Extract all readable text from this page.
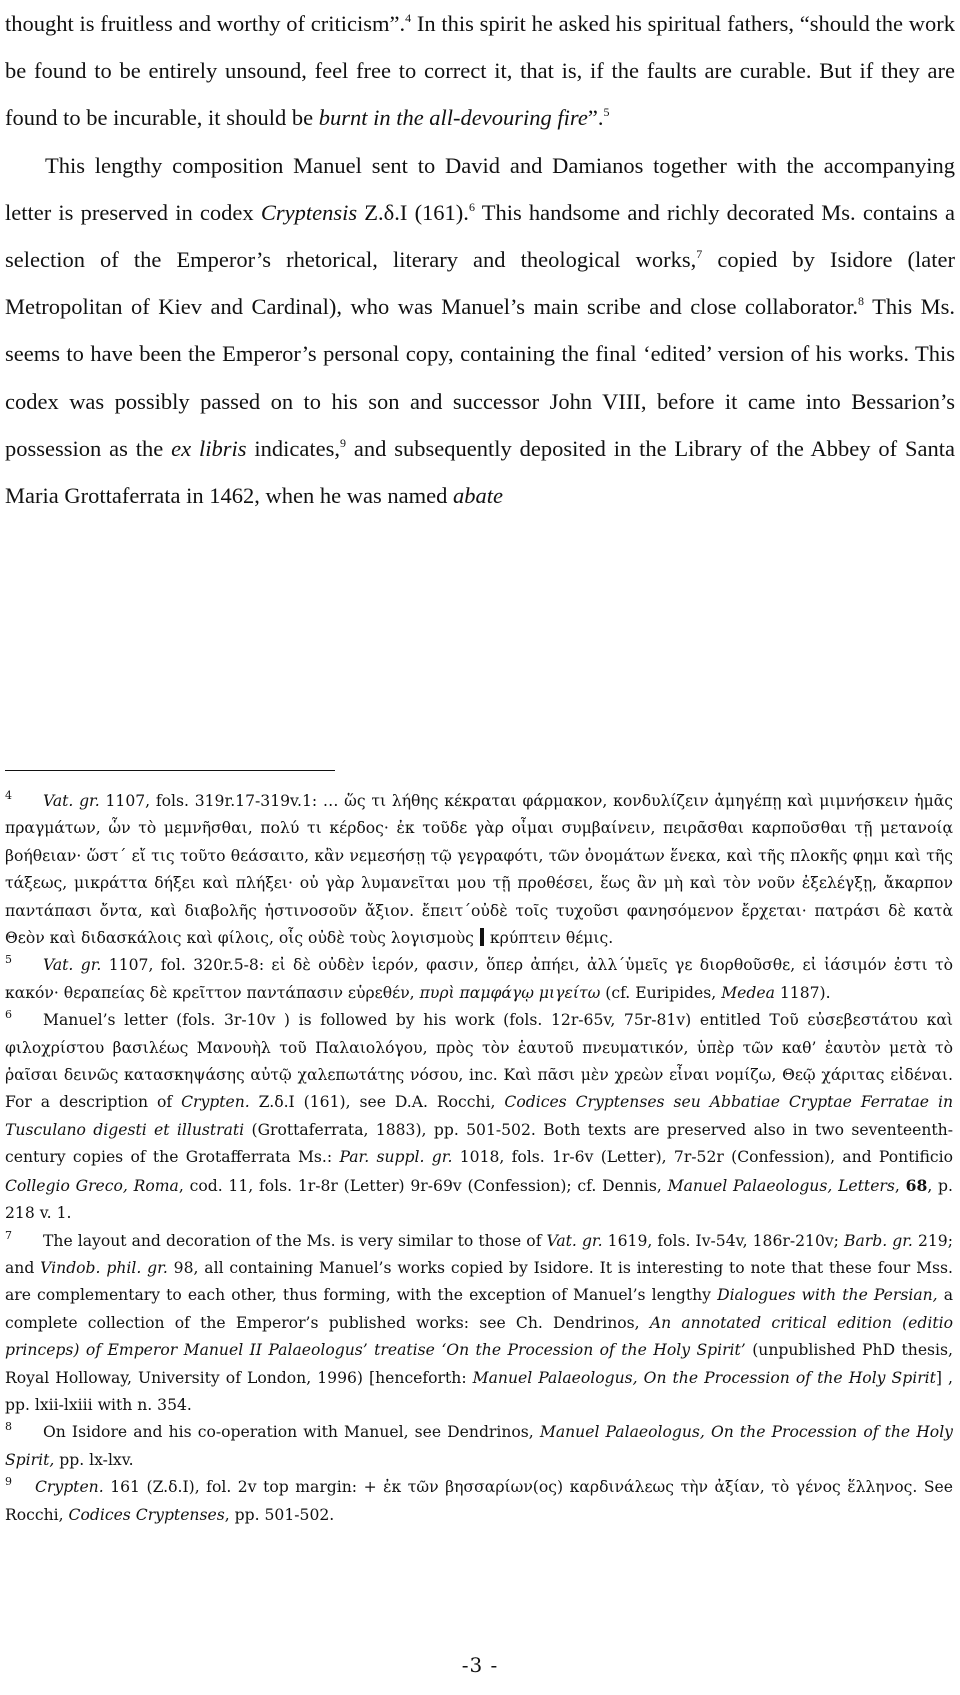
thought is fruitless and worthy of criticism”.$^4$ In this spirit he asked his spiritual fathers, “should the work be found to be entirely unsound, feel free to correct it, that is, if the faults are curable. But if they are found to be incurable, it should be burnt in the all-devouring fire”.$^5$

This lengthy composition Manuel sent to David and Damianos together with the accompanying letter is preserved in codex Cryptensis Z.δ.I (161).$^6$ This handsome and richly decorated Ms. contains a selection of the Emperor’s rhetorical, literary and theological works,$^7$ copied by Isidore (later Metropolitan of Kiev and Cardinal), who was Manuel’s main scribe and close collaborator.$^8$ This Ms. seems to have been the Emperor’s personal copy, containing the final ‘edited’ version of his works. This codex was possibly passed on to his son and successor John VIII, before it came into Bessarion’s possession as the ex libris indicates,$^9$ and subsequently deposited in the Library of the Abbey of Santa Maria Grottaferrata in 1462, when he was named abate

4 Vat. gr. 1107, fols. 319r.17-319v.1: … ὥς τι λήθης κέκραται φάρμακον, κονδυλίζειν ἀμηγέπῃ καὶ μιμνήσκειν ἡμᾶς πραγμάτων, ὧν τὸ μεμνῆσθαι, πολύ τι κέρδος· ἐκ τοῦδε γὰρ οἶμαι συμβαίνειν, πειρᾶσθαι καρποῦσθαι τῇ μετανοίᾳ βοήθειαν· ὥστ΄ εἴ τις τοῦτο θεάσαιτο, κἂν νεμεσήσῃ τῷ γεγραφότι, τῶν ὀνομάτων ἕνεκα, καὶ τῆς πλοκῆς φημι καὶ τῆς τάξεως, μικράττα δήξει καὶ πλήξει· οὐ γὰρ λυμανεῖται μου τῇ προθέσει, ἕως ἂν μὴ καὶ τὸν νοῦν ἐξελέγξῃ, ἄκαρπον παντάπασι ὄντα, καὶ διαβολῆς ἡστινοσοῦν ἄξιον. ἔπειτ΄οὐδὲ τοῖς τυχοῦσι φανησόμενον ἔρχεται· πατράσι δὲ κατὰ Θεὸν καὶ διδασκάλοις καὶ φίλοις, οἷς οὐδὲ τοὺς λογισμοὺς κρύπτειν θέμις.

5 Vat. gr. 1107, fol. 320r.5-8: εἰ δὲ οὐδὲν ἱερόν, φασιν, ὅπερ ἀπήει, ἀλλ΄ὑμεῖς γε διορθοῦσθε, εἰ ἰάσιμόν ἐστι τὸ κακόν· θεραπείας δὲ κρεῖττον παντάπασιν εὑρεθέν, πυρὶ παμφάγῳ μιγείτω (cf. Euripides, Medea 1187).

6 Manuel’s letter (fols. 3r-10v ) is followed by his work (fols. 12r-65v, 75r-81v) entitled Τοῦ εὐσεβεστάτου καὶ φιλοχρίστου βασιλέως Μανουὴλ τοῦ Παλαιολόγου, πρὸς τὸν ἑαυτοῦ πνευματικόν, ὑπὲρ τῶν καθ’ ἑαυτὸν μετὰ τὸ ῥαῖσαι δεινῶς κατασκηψάσης αὐτῷ χαλεπωτάτης νόσου, inc. Καὶ πᾶσι μὲν χρεὼν εἶναι νομίζω, Θεῷ χάριτας εἰδέναι. For a description of Crypten. Z.δ.I (161), see D.A. Rocchi, Codices Cryptenses seu Abbatiae Cryptae Ferratae in Tusculano digesti et illustrati (Grottaferrata, 1883), pp. 501-502. Both texts are preserved also in two seventeenth-century copies of the Grotafferrata Ms.: Par. suppl. gr. 1018, fols. 1r-6v (Letter), 7r-52r (Confession), and Pontificio Collegio Greco, Roma, cod. 11, fols. 1r-8r (Letter) 9r-69v (Confession); cf. Dennis, Manuel Palaeologus, Letters, 68, p. 218 v. 1.

7 The layout and decoration of the Ms. is very similar to those of Vat. gr. 1619, fols. Iv-54v, 186r-210v; Barb. gr. 219; and Vindob. phil. gr. 98, all containing Manuel’s works copied by Isidore. It is interesting to note that these four Mss. are complementary to each other, thus forming, with the exception of Manuel’s lengthy Dialogues with the Persian, a complete collection of the Emperor’s published works: see Ch. Dendrinos, An annotated critical edition (editio princeps) of Emperor Manuel II Palaeologus’ treatise ‘On the Procession of the Holy Spirit’ (unpublished PhD thesis, Royal Holloway, University of London, 1996) [henceforth: Manuel Palaeologus, On the Procession of the Holy Spirit] , pp. lxii-lxiii with n. 354.

8 On Isidore and his co-operation with Manuel, see Dendrinos, Manuel Palaeologus, On the Procession of the Holy Spirit, pp. lx-lxv.

9 Crypten. 161 (Z.δ.I), fol. 2v top margin: + ἐκ τῶν βησσαρίων(ος) καρδινάλεως τὴν ἀξίαν, τὸ γένος ἕλληνος. See Rocchi, Codices Cryptenses, pp. 501-502.

-3 -
